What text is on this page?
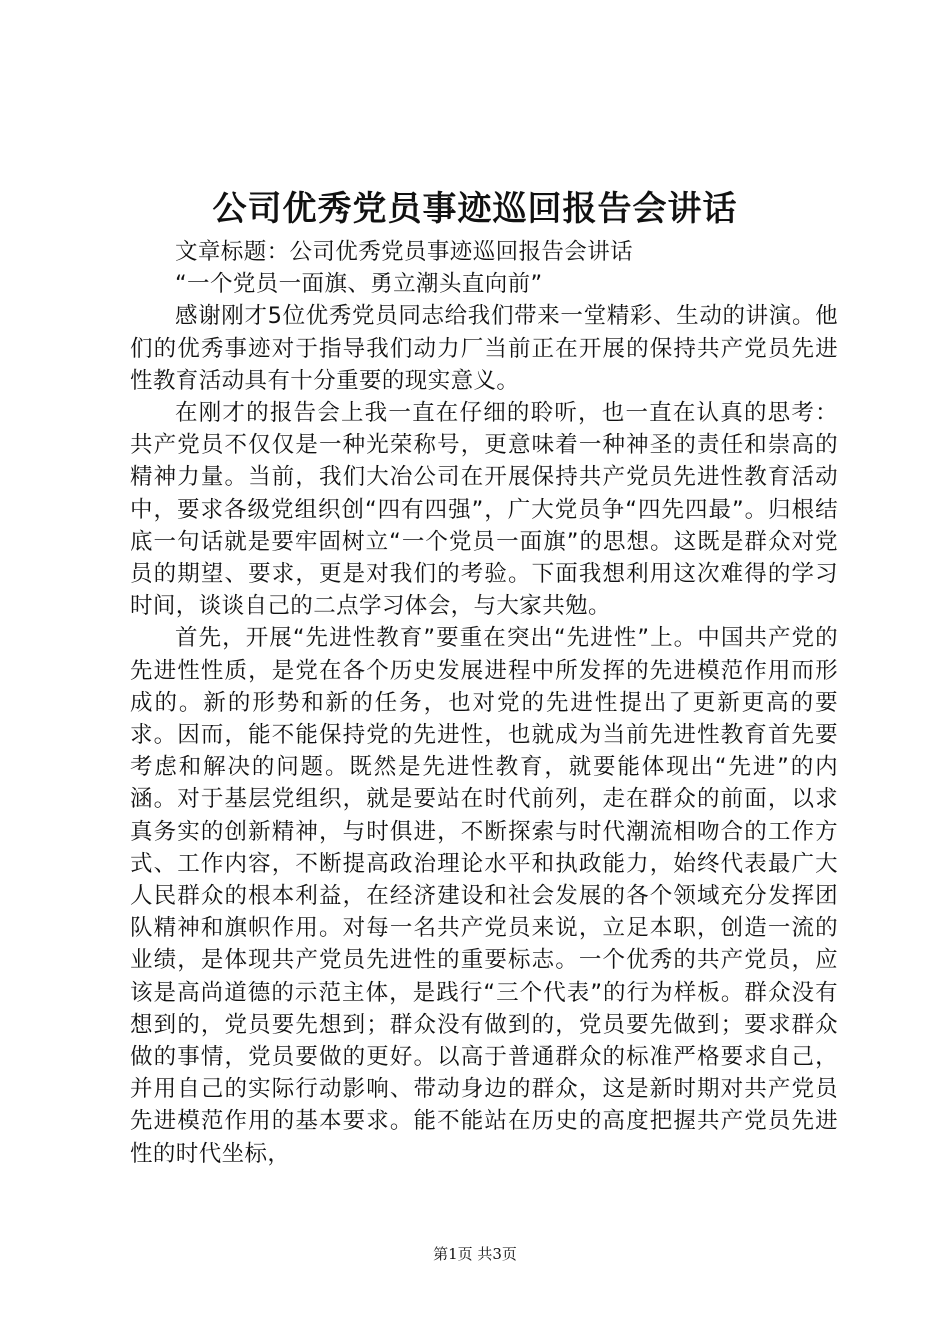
公司优秀党员事迹巡回报告会讲话

文章标题：公司优秀党员事迹巡回报告会讲话

“一个党员一面旗、勇立潮头直向前”

感谢刚才5位优秀党员同志给我们带来一堂精彩、生动的讲演。他们的优秀事迹对于指导我们动力厂当前正在开展的保持共产党员先进性教育活动具有十分重要的现实意义。

在刚才的报告会上我一直在仔细的聆听，也一直在认真的思考：共产党员不仅仅是一种光荣称号，更意味着一种神圣的责任和崇高的精神力量。当前，我们大冶公司在开展保持共产党员先进性教育活动中，要求各级党组织创“四有四强”，广大党员争“四先四最”。归根结底一句话就是要牢固树立“一个党员一面旗”的思想。这既是群众对党员的期望、要求，更是对我们的考验。下面我想利用这次难得的学习时间，谈谈自己的二点学习体会，与大家共勉。

首先，开展“先进性教育”要重在突出“先进性”上。中国共产党的先进性性质，是党在各个历史发展进程中所发挥的先进模范作用而形成的。新的形势和新的任务，也对党的先进性提出了更新更高的要求。因而，能不能保持党的先进性，也就成为当前先进性教育首先要考虑和解决的问题。既然是先进性教育，就要能体现出“先进”的内涵。对于基层党组织，就是要站在时代前列，走在群众的前面，以求真务实的创新精神，与时俱进，不断探索与时代潮流相吻合的工作方式、工作内容，不断提高政治理论水平和执政能力，始终代表最广大人民群众的根本利益，在经济建设和社会发展的各个领域充分发挥团队精神和旗帜作用。对每一名共产党员来说，立足本职，创造一流的业绩，是体现共产党员先进性的重要标志。一个优秀的共产党员，应该是高尚道德的示范主体，是践行“三个代表”的行为样板。群众没有想到的，党员要先想到；群众没有做到的，党员要先做到；要求群众做的事情，党员要做的更好。以高于普通群众的标准严格要求自己，并用自己的实际行动影响、带动身边的群众，这是新时期对共产党员先进模范作用的基本要求。能不能站在历史的高度把握共产党员先进性的时代坐标，

第1页 共3页
